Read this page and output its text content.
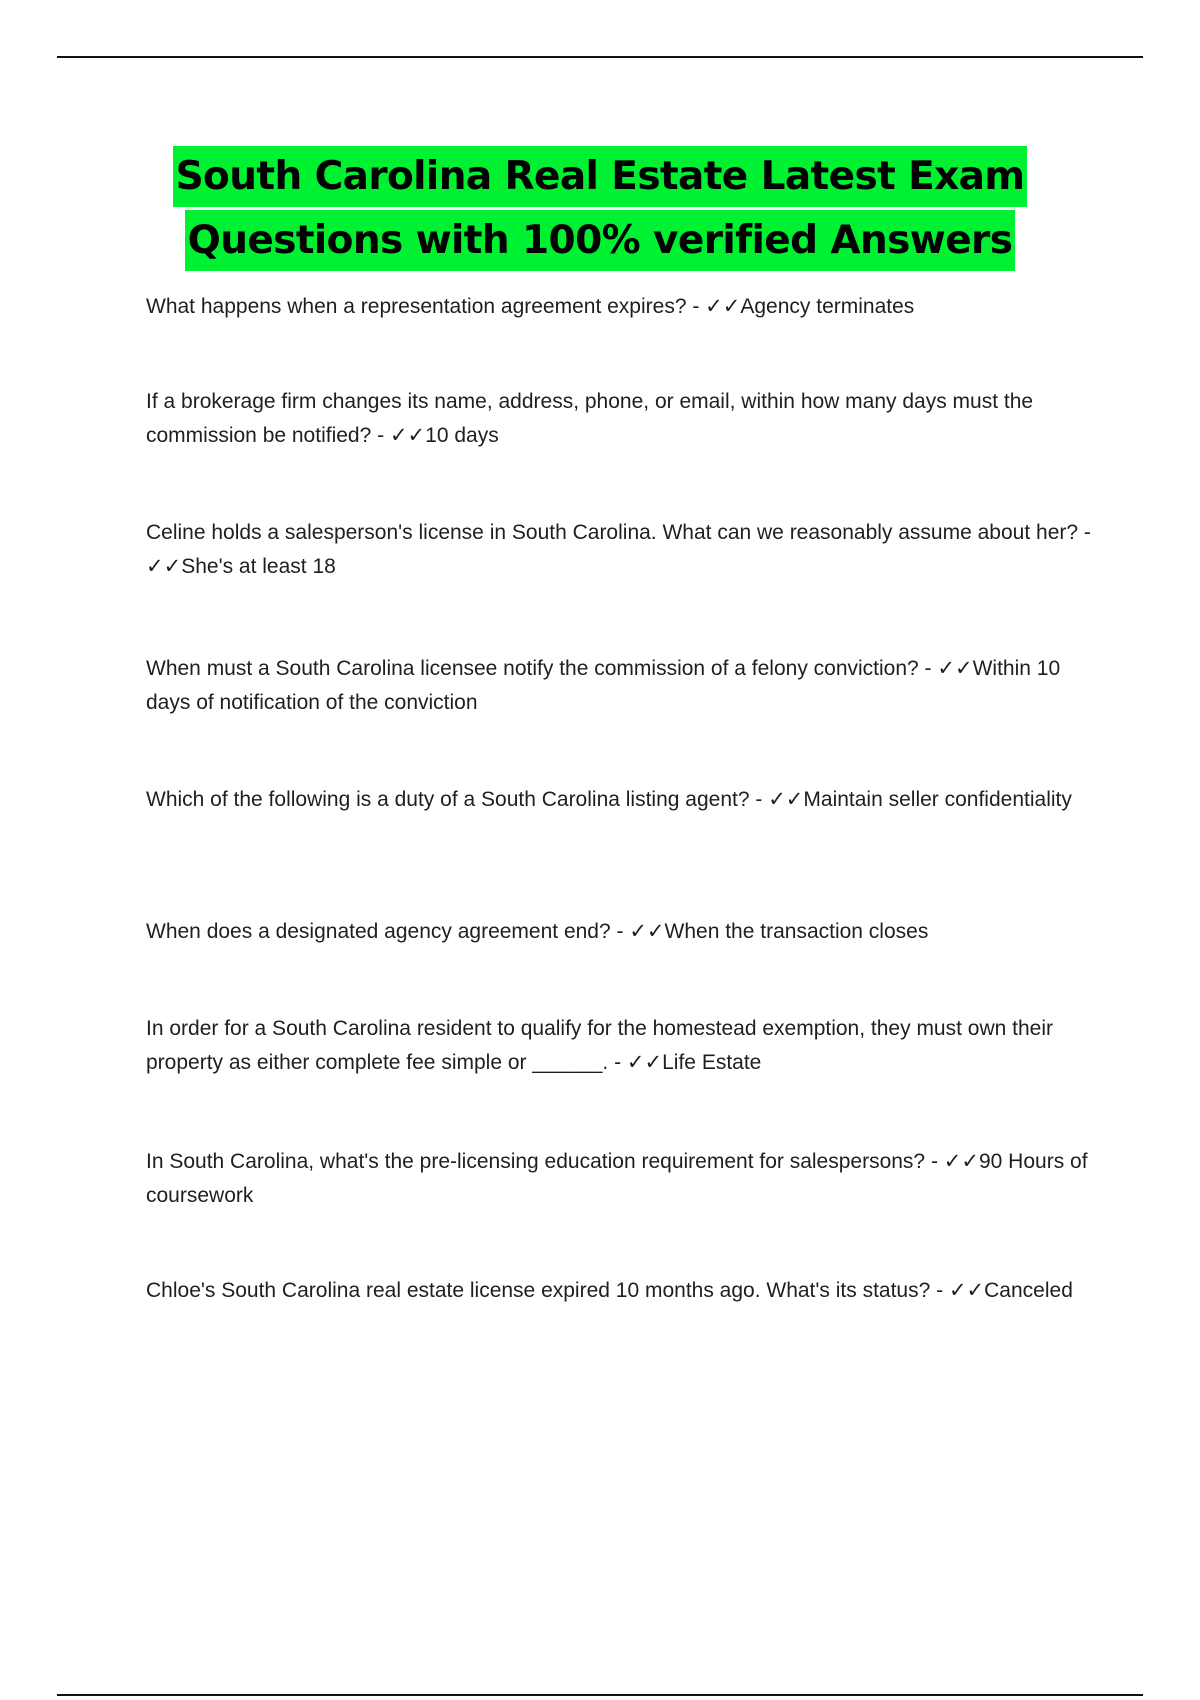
South Carolina Real Estate Latest Exam
Questions with 100% verified Answers

What happens when a representation agreement expires? - ✓✓Agency terminates

If a brokerage firm changes its name, address, phone, or email, within how many days must the commission be notified? - ✓✓10 days

Celine holds a salesperson's license in South Carolina. What can we reasonably assume about her? - ✓✓She's at least 18

When must a South Carolina licensee notify the commission of a felony conviction? - ✓✓Within 10 days of notification of the conviction

Which of the following is a duty of a South Carolina listing agent? - ✓✓Maintain seller confidentiality

When does a designated agency agreement end? - ✓✓When the transaction closes

In order for a South Carolina resident to qualify for the homestead exemption, they must own their property as either complete fee simple or ______. - ✓✓Life Estate

In South Carolina, what's the pre-licensing education requirement for salespersons? - ✓✓90 Hours of coursework

Chloe's South Carolina real estate license expired 10 months ago. What's its status? - ✓✓Canceled
